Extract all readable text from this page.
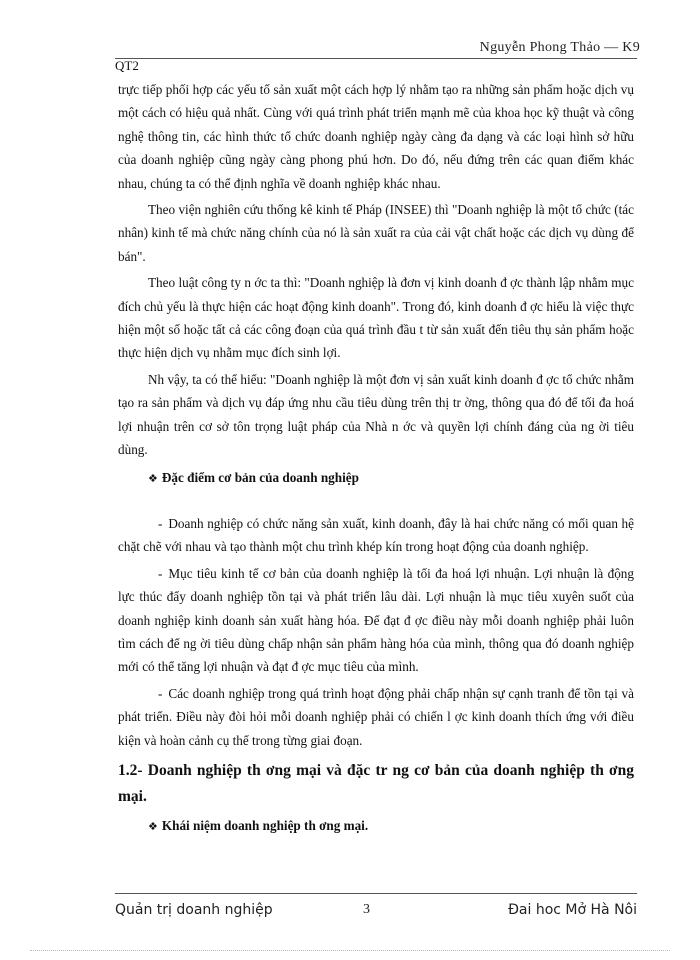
Nguyễn Phong Thảo — K9
QT2

trực tiếp phối hợp các yếu tố sản xuất một cách hợp lý nhằm tạo ra những sản phẩm hoặc dịch vụ một cách có hiệu quả nhất. Cùng với quá trình phát triển mạnh mẽ của khoa học kỹ thuật và công nghệ thông tin, các hình thức tổ chức doanh nghiệp ngày càng đa dạng và các loại hình sở hữu của doanh nghiệp cũng ngày càng phong phú hơn. Do đó, nếu đứng trên các quan điểm khác nhau, chúng ta có thể định nghĩa về doanh nghiệp khác nhau.

Theo viện nghiên cứu thống kê kinh tế Pháp (INSEE) thì "Doanh nghiệp là một tổ chức (tác nhân) kinh tế mà chức năng chính của nó là sản xuất ra của cải vật chất hoặc các dịch vụ dùng để bán".

Theo luật công ty n ớc ta thì: "Doanh nghiệp là đơn vị kinh doanh đ ợc thành lập nhằm mục đích chủ yếu là thực hiện các hoạt động kinh doanh". Trong đó, kinh doanh đ ợc hiểu là việc thực hiện một số hoặc tất cả các công đoạn của quá trình đầu t từ sản xuất đến tiêu thụ sản phẩm hoặc thực hiện dịch vụ nhằm mục đích sinh lợi.

Nh vậy, ta có thể hiểu: "Doanh nghiệp là một đơn vị sản xuất kinh doanh đ ợc tổ chức nhằm tạo ra sản phẩm và dịch vụ đáp ứng nhu cầu tiêu dùng trên thị tr ờng, thông qua đó để tối đa hoá lợi nhuận trên cơ sở tôn trọng luật pháp của Nhà n ớc và quyền lợi chính đáng của ng ời tiêu dùng.

❖ Đặc điểm cơ bản của doanh nghiệp

- Doanh nghiệp có chức năng sản xuất, kinh doanh, đây là hai chức năng có mối quan hệ chặt chẽ với nhau và tạo thành một chu trình khép kín trong hoạt động của doanh nghiệp.

- Mục tiêu kinh tế cơ bản của doanh nghiệp là tối đa hoá lợi nhuận. Lợi nhuận là động lực thúc đẩy doanh nghiệp tồn tại và phát triển lâu dài. Lợi nhuận là mục tiêu xuyên suốt của doanh nghiệp kinh doanh sản xuất hàng hóa. Để đạt đ ợc điều này mỗi doanh nghiệp phải luôn tìm cách để ng ời tiêu dùng chấp nhận sản phẩm hàng hóa của mình, thông qua đó doanh nghiệp mới có thể tăng lợi nhuận và đạt đ ợc mục tiêu của mình.

- Các doanh nghiệp trong quá trình hoạt động phải chấp nhận sự cạnh tranh để tồn tại và phát triển. Điều này đòi hỏi mỗi doanh nghiệp phải có chiến l ợc kinh doanh thích ứng với điều kiện và hoàn cảnh cụ thể trong từng giai đoạn.

1.2- Doanh nghiệp th ơng mại và đặc tr ng cơ bản của doanh nghiệp th ơng mại.

❖ Khái niệm doanh nghiệp th ơng mại.

Quản trị doanh nghiệp	3	Đai hoc Mở Hà Nôi
